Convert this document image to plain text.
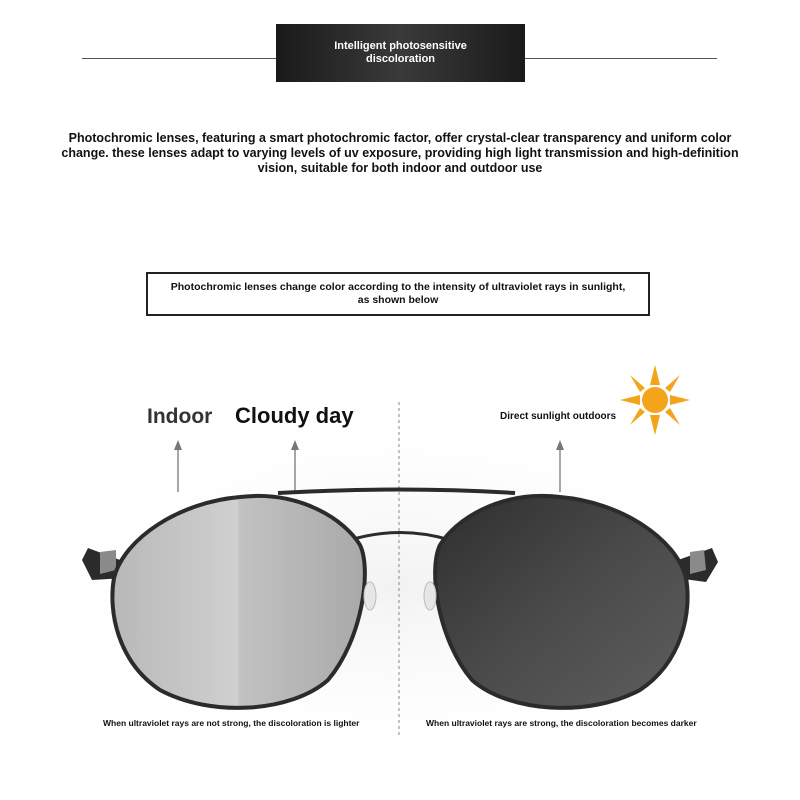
Intelligent photosensitive discoloration
Photochromic lenses, featuring a smart photochromic factor, offer crystal-clear transparency and uniform color change. these lenses adapt to varying levels of uv exposure, providing high light transmission and high-definition vision, suitable for both indoor and outdoor use
Photochromic lenses change color according to the intensity of ultraviolet rays in sunlight, as shown below
Indoor Cloudy day	Direct sunlight outdoors
When ultraviolet rays are not strong, the discoloration is lighter	When ultraviolet rays are strong, the discoloration becomes darker
